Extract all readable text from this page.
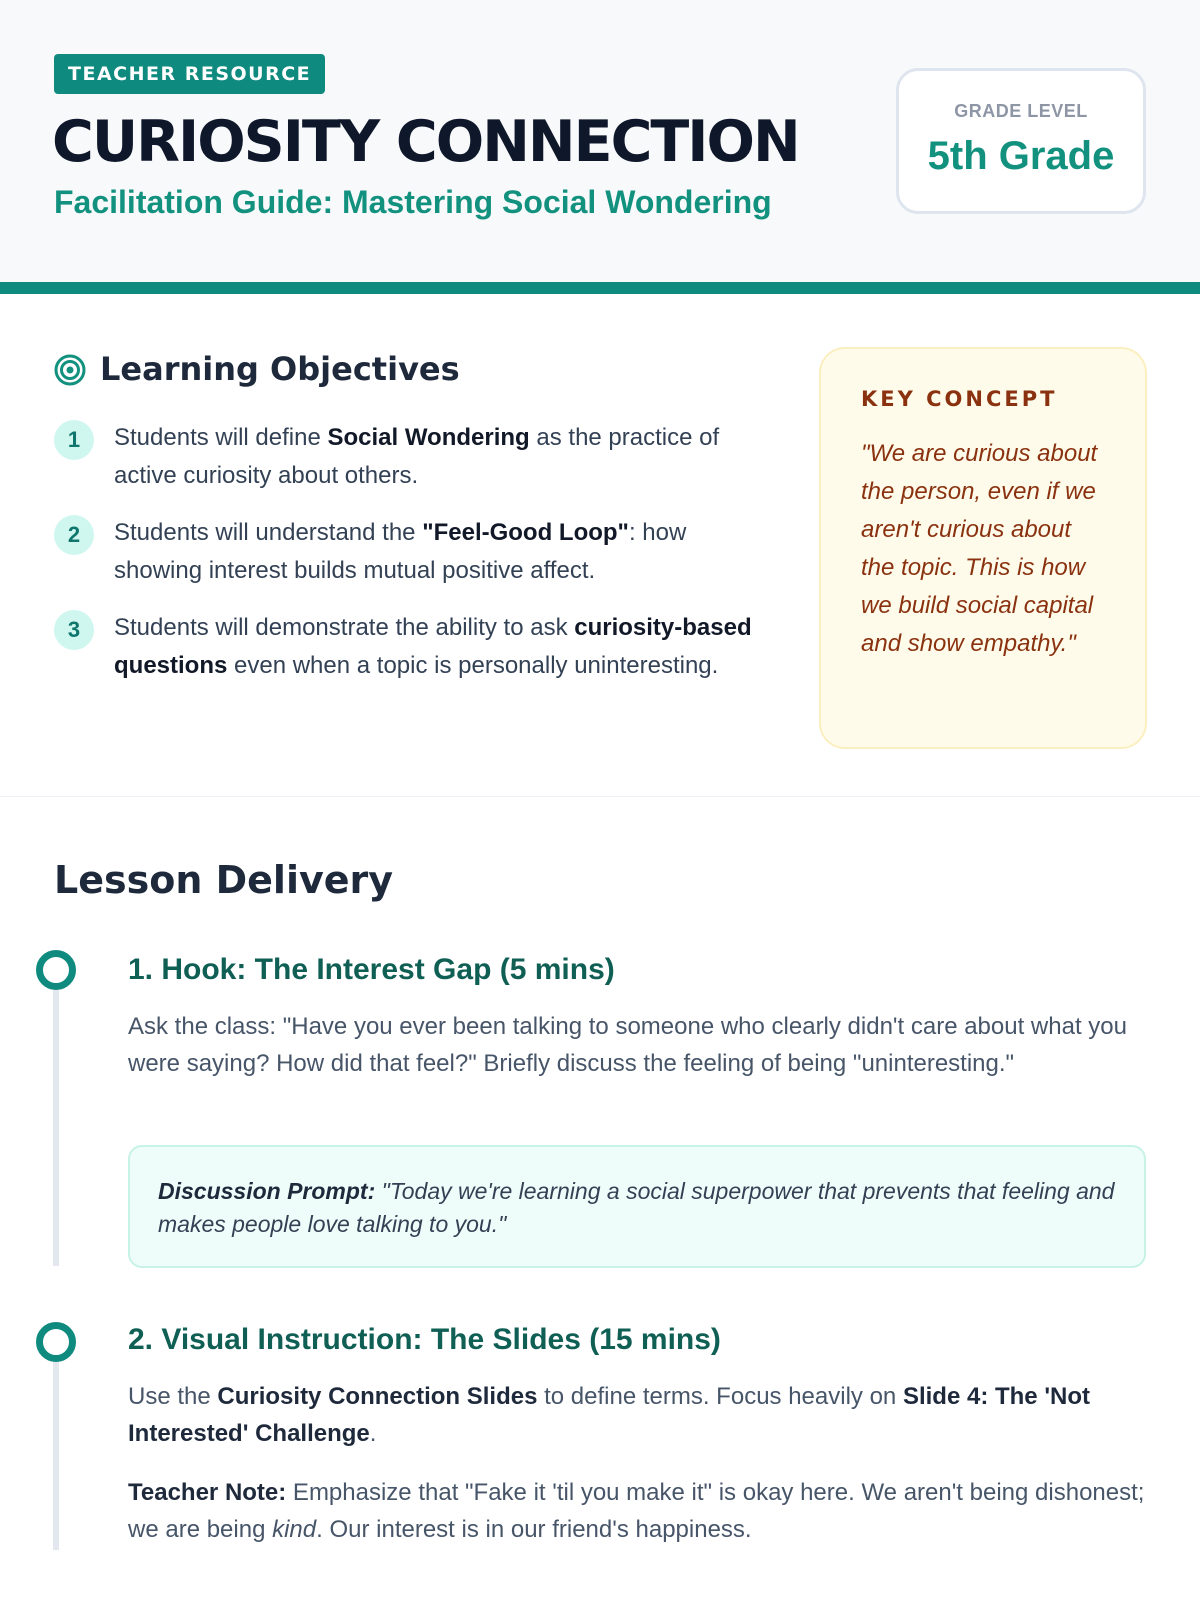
TEACHER RESOURCE
CURIOSITY CONNECTION
Facilitation Guide: Mastering Social Wondering
GRADE LEVEL
5th Grade
Learning Objectives
1	Students will define Social Wondering as the practice of active curiosity about others.
2	Students will understand the "Feel-Good Loop": how showing interest builds mutual positive affect.
3	Students will demonstrate the ability to ask curiosity-based questions even when a topic is personally uninteresting.
KEY CONCEPT
"We are curious about the person, even if we aren't curious about the topic. This is how we build social capital and show empathy."
Lesson Delivery
1. Hook: The Interest Gap (5 mins)
Ask the class: "Have you ever been talking to someone who clearly didn't care about what you were saying? How did that feel?" Briefly discuss the feeling of being "uninteresting."
Discussion Prompt: "Today we're learning a social superpower that prevents that feeling and makes people love talking to you."
2. Visual Instruction: The Slides (15 mins)
Use the Curiosity Connection Slides to define terms. Focus heavily on Slide 4: The 'Not Interested' Challenge.
Teacher Note: Emphasize that "Fake it 'til you make it" is okay here. We aren't being dishonest; we are being kind. Our interest is in our friend's happiness.
